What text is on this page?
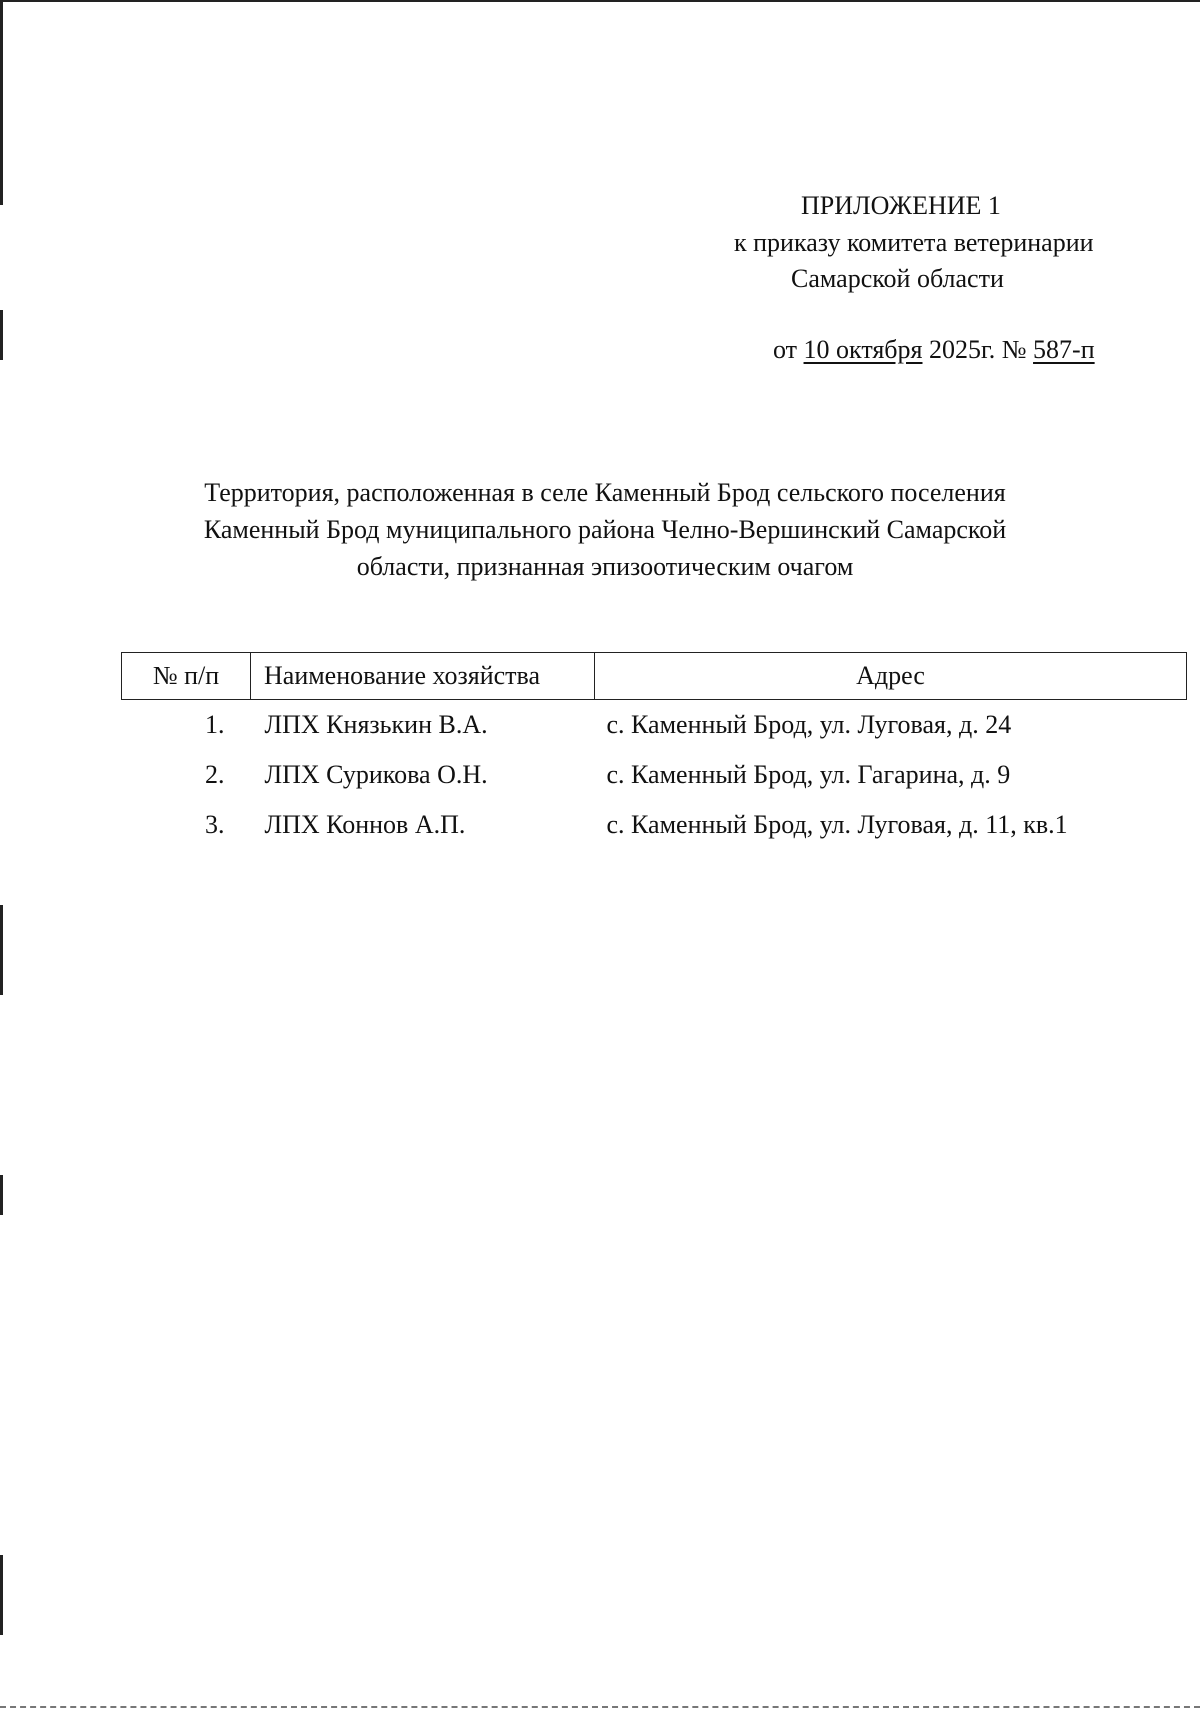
ПРИЛОЖЕНИЕ 1
к приказу комитета ветеринарии
Самарской области
от 10 октября 2025г. № 587-п
Территория, расположенная в селе Каменный Брод сельского поселения
Каменный Брод муниципального района Челно-Вершинский Самарской
области, признанная эпизоотическим очагом
№ п/п	Наименование хозяйства	Адрес
1.	ЛПХ Князькин В.А.	с. Каменный Брод, ул. Луговая, д. 24
2.	ЛПХ Сурикова О.Н.	с. Каменный Брод, ул. Гагарина, д. 9
3.	ЛПХ Коннов А.П.	с. Каменный Брод, ул. Луговая, д. 11, кв.1
